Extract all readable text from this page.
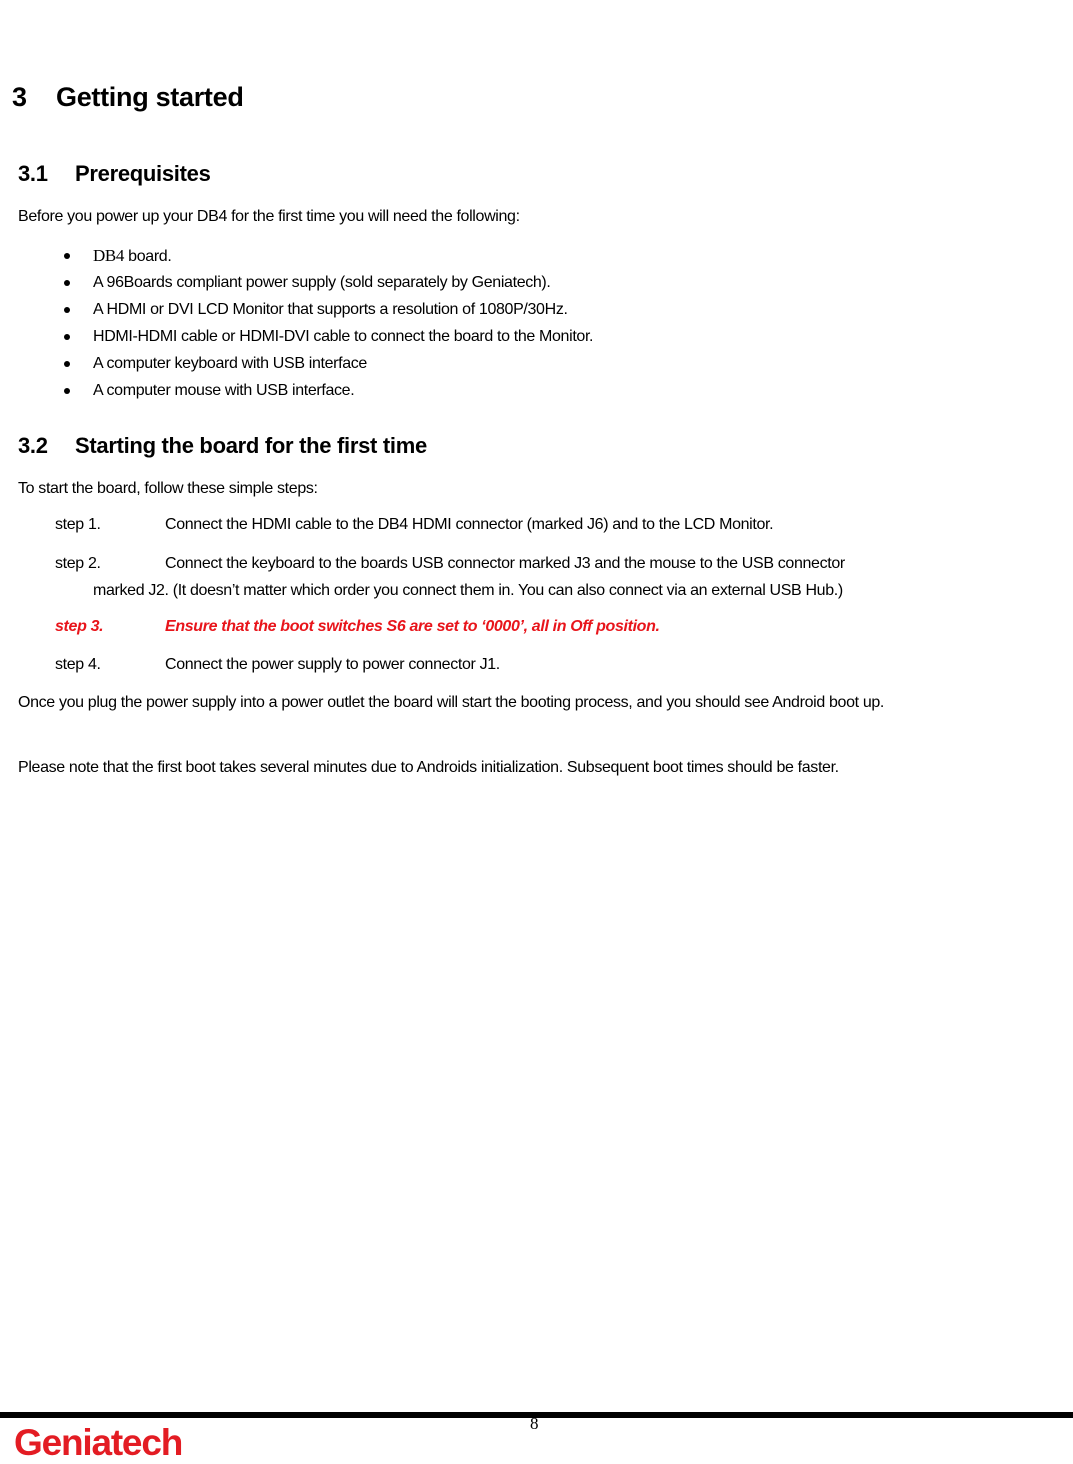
3 Getting started
3.1 Prerequisites
Before you power up your DB4 for the first time you will need the following:
DB4 board.
A 96Boards compliant power supply (sold separately by Geniatech).
A HDMI or DVI LCD Monitor that supports a resolution of 1080P/30Hz.
HDMI-HDMI cable or HDMI-DVI cable to connect the board to the Monitor.
A computer keyboard with USB interface
A computer mouse with USB interface.
3.2 Starting the board for the first time
To start the board, follow these simple steps:
step 1.	Connect the HDMI cable to the DB4 HDMI connector (marked J6) and to the LCD Monitor.
step 2.	Connect the keyboard to the boards USB connector marked J3 and the mouse to the USB connector
marked J2. (It doesn’t matter which order you connect them in. You can also connect via an external USB Hub.)
step 3.	Ensure that the boot switches S6 are set to ‘0000’, all in Off position.
step 4.	Connect the power supply to power connector J1.
Once you plug the power supply into a power outlet the board will start the booting process, and you should see Android boot up.
Please note that the first boot takes several minutes due to Androids initialization. Subsequent boot times should be faster.
8
Geniatech
